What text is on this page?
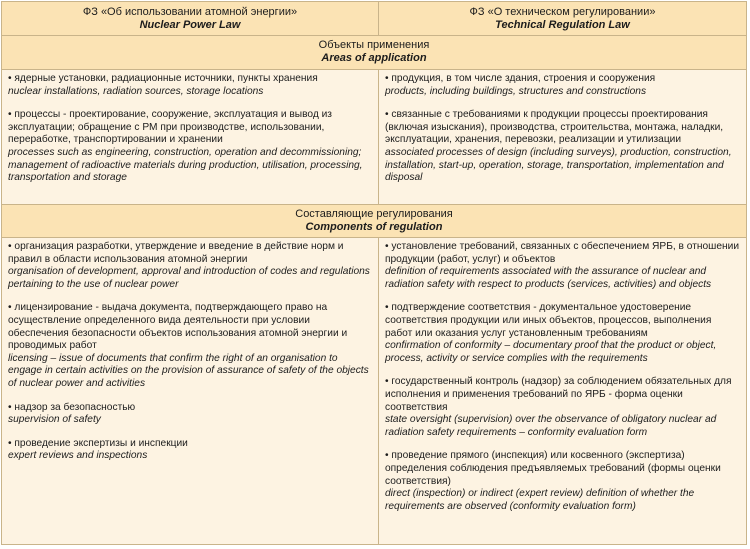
ФЗ «Об использовании атомной энергии»
Nuclear Power Law
ФЗ «О техническом регулировании»
Technical Regulation Law
Объекты применения
Areas of application

• ядерные установки, радиационные источники, пункты хранения

nuclear installations, radiation sources, storage locations

• процессы - проектирование, сооружение, эксплуатация и вывод из эксплуатации; обращение с РМ при производстве, использовании, переработке, транспортировании и хранении

processes such as engineering, construction, operation and decommissioning; management of radioactive materials during production, utilisation, processing, transportation and storage

• продукция, в том числе здания, строения и сооружения

products, including buildings, structures and constructions

• связанные с требованиями к продукции процессы проектирования (включая изыскания), производства, строительства, монтажа, наладки, эксплуатации, хранения, перевозки, реализации и утилизации

associated processes of design (including surveys), production, construction, installation, start-up, operation, storage, transportation, implementation and disposal

Составляющие регулирования
Components of regulation

• организация разработки, утверждение и введение в действие норм и правил в области использования атомной энергии

organisation of development, approval and introduction of codes and regulations pertaining to the use of nuclear power

• лицензирование - выдача документа, подтверждающего право на осуществление определенного вида деятельности при условии обеспечения безопасности объектов использования атомной энергии и проводимых работ

licensing – issue of documents that confirm the right of an organisation to engage in certain activities on the provision of assurance of safety of the objects of nuclear power and activities

• надзор за безопасностью

supervision of safety

• проведение экспертизы и инспекции

expert reviews and inspections

• установление требований, связанных с обеспечением ЯРБ, в отношении продукции (работ, услуг) и объектов

definition of requirements associated with the assurance of nuclear and radiation safety with respect to products (services, activities) and objects

• подтверждение соответствия - документальное удостоверение соответствия продукции или иных объектов, процессов, выполнения работ или оказания услуг установленным требованиям

confirmation of conformity – documentary proof that the product or object, process, activity or service complies with the requirements

• государственный контроль (надзор) за соблюдением обязательных для исполнения и применения требований по ЯРБ - форма оценки соответствия

state oversight (supervision) over the observance of obligatory nuclear ad radiation safety requirements – conformity evaluation form

• проведение прямого (инспекция) или косвенного (экспертиза) определения соблюдения предъявляемых требований (формы оценки соответствия)

direct (inspection) or indirect (expert review) definition of whether the requirements are observed (conformity evaluation form)
